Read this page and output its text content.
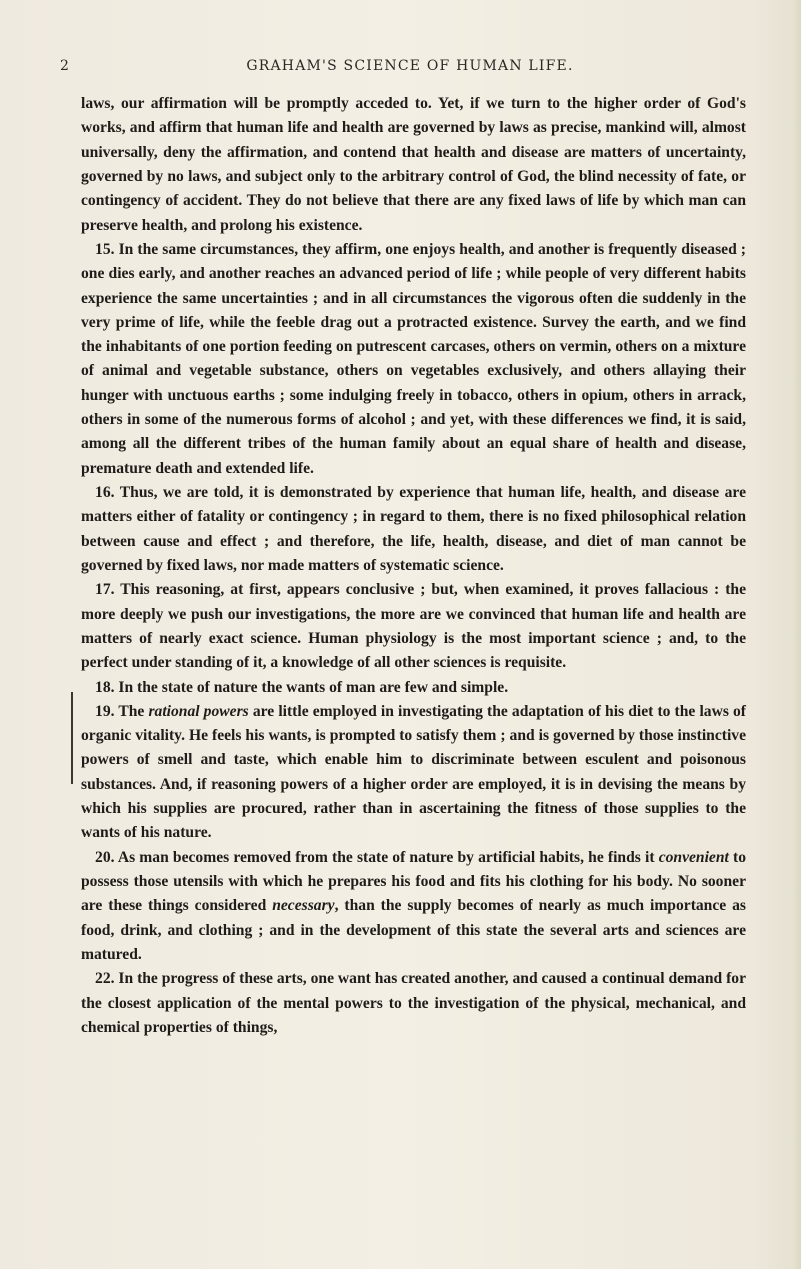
2	GRAHAM'S SCIENCE OF HUMAN LIFE.

laws, our affirmation will be promptly acceded to. Yet, if we turn to the higher order of God's works, and affirm that human life and health are governed by laws as precise, mankind will, almost universally, deny the affirmation, and contend that health and disease are matters of uncertainty, governed by no laws, and subject only to the arbitrary control of God, the blind necessity of fate, or contingency of accident. They do not believe that there are any fixed laws of life by which man can preserve health, and prolong his existence.

15. In the same circumstances, they affirm, one enjoys health, and another is frequently diseased ; one dies early, and another reaches an advanced period of life ; while people of very different habits experience the same uncertainties ; and in all circumstances the vigorous often die suddenly in the very prime of life, while the feeble drag out a protracted existence. Survey the earth, and we find the inhabitants of one portion feeding on putrescent carcases, others on vermin, others on a mixture of animal and vegetable substance, others on vegetables exclusively, and others allaying their hunger with unctuous earths ; some indulging freely in tobacco, others in opium, others in arrack, others in some of the numerous forms of alcohol ; and yet, with these differences we find, it is said, among all the different tribes of the human family about an equal share of health and disease, premature death and extended life.

16. Thus, we are told, it is demonstrated by experience that human life, health, and disease are matters either of fatality or contingency ; in regard to them, there is no fixed philosophical relation between cause and effect ; and therefore, the life, health, disease, and diet of man cannot be governed by fixed laws, nor made matters of systematic science.

17. This reasoning, at first, appears conclusive ; but, when examined, it proves fallacious : the more deeply we push our investigations, the more are we convinced that human life and health are matters of nearly exact science. Human physiology is the most important science ; and, to the perfect under standing of it, a knowledge of all other sciences is requisite.

18. In the state of nature the wants of man are few and simple.

19. The rational powers are little employed in investigating the adaptation of his diet to the laws of organic vitality. He feels his wants, is prompted to satisfy them ; and is governed by those instinctive powers of smell and taste, which enable him to discriminate between esculent and poisonous substances. And, if reasoning powers of a higher order are employed, it is in devising the means by which his supplies are procured, rather than in ascertaining the fitness of those supplies to the wants of his nature.

20. As man becomes removed from the state of nature by artificial habits, he finds it convenient to possess those utensils with which he prepares his food and fits his clothing for his body. No sooner are these things considered necessary, than the supply becomes of nearly as much importance as food, drink, and clothing ; and in the development of this state the several arts and sciences are matured.

22. In the progress of these arts, one want has created another, and caused a continual demand for the closest application of the mental powers to the investigation of the physical, mechanical, and chemical properties of things,
